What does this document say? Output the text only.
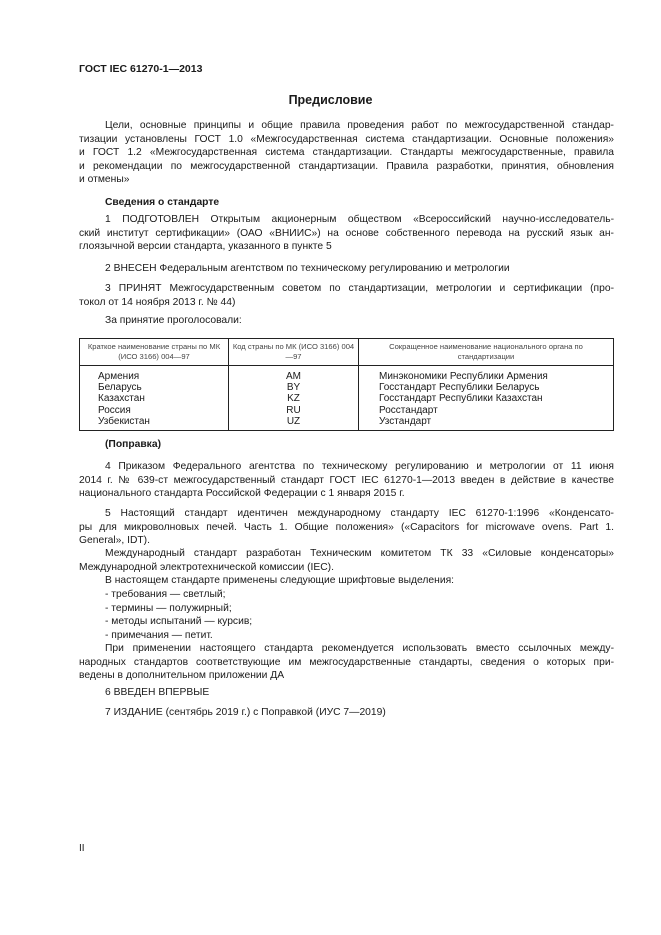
ГОСТ IEC 61270-1—2013
Предисловие
Цели, основные принципы и общие правила проведения работ по межгосударственной стандар-
тизации установлены ГОСТ 1.0 «Межгосударственная система стандартизации. Основные положения»
и ГОСТ 1.2 «Межгосударственная система стандартизации. Стандарты межгосударственные, правила
и рекомендации по межгосударственной стандартизации. Правила разработки, принятия, обновления
и отмены»
Сведения о стандарте
1 ПОДГОТОВЛЕН Открытым акционерным обществом «Всероссийский научно-исследователь-
ский институт сертификации» (ОАО «ВНИИС») на основе собственного перевода на русский язык ан-
глоязычной версии стандарта, указанного в пункте 5
2 ВНЕСЕН Федеральным агентством по техническому регулированию и метрологии
3 ПРИНЯТ Межгосударственным советом по стандартизации, метрологии и сертификации (про-
токол от 14 ноября 2013 г. № 44)
За принятие проголосовали:
Краткое наименование страны по МК (ИСО 3166) 004—97	Код страны по МК (ИСО 3166) 004—97	Сокращенное наименование национального органа по стандартизации
Армения	AM	Минэкономики Республики Армения
Беларусь	BY	Госстандарт Республики Беларусь
Казахстан	KZ	Госстандарт Республики Казахстан
Россия	RU	Росстандарт
Узбекистан	UZ	Узстандарт
(Поправка)
4 Приказом Федерального агентства по техническому регулированию и метрологии от 11 июня
2014 г. № 639-ст межгосударственный стандарт ГОСТ IEC 61270-1—2013 введен в действие в качестве
национального стандарта Российской Федерации с 1 января 2015 г.
5 Настоящий стандарт идентичен международному стандарту IEC 61270-1:1996 «Конденсато-
ры для микроволновых печей. Часть 1. Общие положения» («Capacitors for microwave ovens. Part 1.
General», IDT).
Международный стандарт разработан Техническим комитетом ТК 33 «Силовые конденсаторы»
Международной электротехнической комиссии (IEC).
В настоящем стандарте применены следующие шрифтовые выделения:
- требования — светлый;
- термины — полужирный;
- методы испытаний — курсив;
- примечания — петит.
При применении настоящего стандарта рекомендуется использовать вместо ссылочных между-
народных стандартов соответствующие им межгосударственные стандарты, сведения о которых при-
ведены в дополнительном приложении ДА
6 ВВЕДЕН ВПЕРВЫЕ
7 ИЗДАНИЕ (сентябрь 2019 г.) с Поправкой (ИУС 7—2019)
II
